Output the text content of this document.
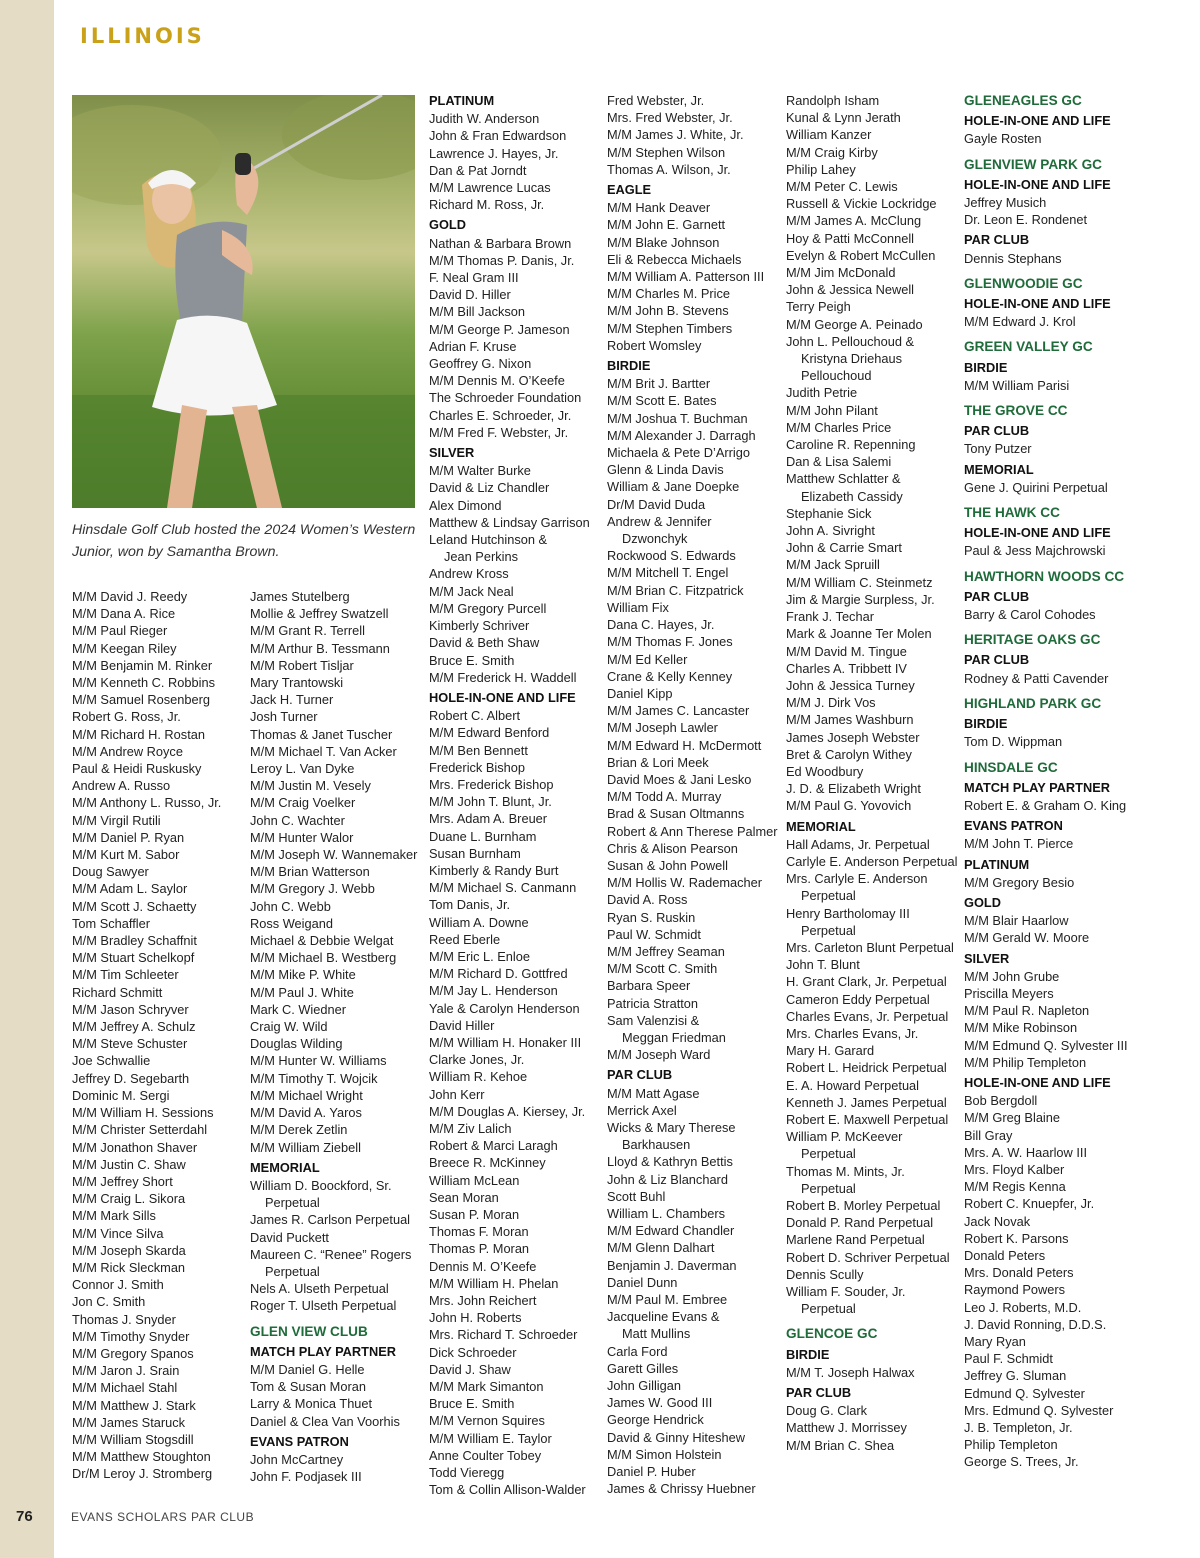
ILLINOIS
Hinsdale Golf Club hosted the 2024 Women’s Western Junior, won by Samantha Brown.
M/M David J. Reedy
M/M Dana A. Rice
M/M Paul Rieger
M/M Keegan Riley
M/M Benjamin M. Rinker
M/M Kenneth C. Robbins
M/M Samuel Rosenberg
Robert G. Ross, Jr.
M/M Richard H. Rostan
M/M Andrew Royce
Paul & Heidi Ruskusky
Andrew A. Russo
M/M Anthony L. Russo, Jr.
M/M Virgil Rutili
M/M Daniel P. Ryan
M/M Kurt M. Sabor
Doug Sawyer
M/M Adam L. Saylor
M/M Scott J. Schaetty
Tom Schaffler
M/M Bradley Schaffnit
M/M Stuart Schelkopf
M/M Tim Schleeter
Richard Schmitt
M/M Jason Schryver
M/M Jeffrey A. Schulz
M/M Steve Schuster
Joe Schwallie
Jeffrey D. Segebarth
Dominic M. Sergi
M/M William H. Sessions
M/M Christer Setterdahl
M/M Jonathon Shaver
M/M Justin C. Shaw
M/M Jeffrey Short
M/M Craig L. Sikora
M/M Mark Sills
M/M Vince Silva
M/M Joseph Skarda
M/M Rick Sleckman
Connor J. Smith
Jon C. Smith
Thomas J. Snyder
M/M Timothy Snyder
M/M Gregory Spanos
M/M Jaron J. Srain
M/M Michael Stahl
M/M Matthew J. Stark
M/M James Staruck
M/M William Stogsdill
M/M Matthew Stoughton
Dr/M Leroy J. Stromberg
James Stutelberg
Mollie & Jeffrey Swatzell
M/M Grant R. Terrell
M/M Arthur B. Tessmann
M/M Robert Tisljar
Mary Trantowski
Jack H. Turner
Josh Turner
Thomas & Janet Tuscher
M/M Michael T. Van Acker
Leroy L. Van Dyke
M/M Justin M. Vesely
M/M Craig Voelker
John C. Wachter
M/M Hunter Walor
M/M Joseph W. Wannemaker
M/M Brian Watterson
M/M Gregory J. Webb
John C. Webb
Ross Weigand
Michael & Debbie Welgat
M/M Michael B. Westberg
M/M Mike P. White
M/M Paul J. White
Mark C. Wiedner
Craig W. Wild
Douglas Wilding
M/M Hunter W. Williams
M/M Timothy T. Wojcik
M/M Michael Wright
M/M David A. Yaros
M/M Derek Zetlin
M/M William Ziebell
MEMORIAL
William D. Boockford, Sr.
Perpetual
James R. Carlson Perpetual
David Puckett
Maureen C. “Renee” Rogers
Perpetual
Nels A. Ulseth Perpetual
Roger T. Ulseth Perpetual
GLEN VIEW CLUB
MATCH PLAY PARTNER
M/M Daniel G. Helle
Tom & Susan Moran
Larry & Monica Thuet
Daniel & Clea Van Voorhis
EVANS PATRON
John McCartney
John F. Podjasek III
PLATINUM
Judith W. Anderson
John & Fran Edwardson
Lawrence J. Hayes, Jr.
Dan & Pat Jorndt
M/M Lawrence Lucas
Richard M. Ross, Jr.
GOLD
Nathan & Barbara Brown
M/M Thomas P. Danis, Jr.
F. Neal Gram III
David D. Hiller
M/M Bill Jackson
M/M George P. Jameson
Adrian F. Kruse
Geoffrey G. Nixon
M/M Dennis M. O’Keefe
The Schroeder Foundation
Charles E. Schroeder, Jr.
M/M Fred F. Webster, Jr.
SILVER
M/M Walter Burke
David & Liz Chandler
Alex Dimond
Matthew & Lindsay Garrison
Leland Hutchinson &
Jean Perkins
Andrew Kross
M/M Jack Neal
M/M Gregory Purcell
Kimberly Schriver
David & Beth Shaw
Bruce E. Smith
M/M Frederick H. Waddell
HOLE-IN-ONE AND LIFE
Robert C. Albert
M/M Edward Benford
M/M Ben Bennett
Frederick Bishop
Mrs. Frederick Bishop
M/M John T. Blunt, Jr.
Mrs. Adam A. Breuer
Duane L. Burnham
Susan Burnham
Kimberly & Randy Burt
M/M Michael S. Canmann
Tom Danis, Jr.
William A. Downe
Reed Eberle
M/M Eric L. Enloe
M/M Richard D. Gottfred
M/M Jay L. Henderson
Yale & Carolyn Henderson
David Hiller
M/M William H. Honaker III
Clarke Jones, Jr.
William R. Kehoe
John Kerr
M/M Douglas A. Kiersey, Jr.
M/M Ziv Lalich
Robert & Marci Laragh
Breece R. McKinney
William McLean
Sean Moran
Susan P. Moran
Thomas F. Moran
Thomas P. Moran
Dennis M. O’Keefe
M/M William H. Phelan
Mrs. John Reichert
John H. Roberts
Mrs. Richard T. Schroeder
Dick Schroeder
David J. Shaw
M/M Mark Simanton
Bruce E. Smith
M/M Vernon Squires
M/M William E. Taylor
Anne Coulter Tobey
Todd Vieregg
Tom & Collin Allison-Walder
Fred Webster, Jr.
Mrs. Fred Webster, Jr.
M/M James J. White, Jr.
M/M Stephen Wilson
Thomas A. Wilson, Jr.
EAGLE
M/M Hank Deaver
M/M John E. Garnett
M/M Blake Johnson
Eli & Rebecca Michaels
M/M William A. Patterson III
M/M Charles M. Price
M/M John B. Stevens
M/M Stephen Timbers
Robert Womsley
BIRDIE
M/M Brit J. Bartter
M/M Scott E. Bates
M/M Joshua T. Buchman
M/M Alexander J. Darragh
Michaela & Pete D’Arrigo
Glenn & Linda Davis
William & Jane Doepke
Dr/M David Duda
Andrew & Jennifer
Dzwonchyk
Rockwood S. Edwards
M/M Mitchell T. Engel
M/M Brian C. Fitzpatrick
William Fix
Dana C. Hayes, Jr.
M/M Thomas F. Jones
M/M Ed Keller
Crane & Kelly Kenney
Daniel Kipp
M/M James C. Lancaster
M/M Joseph Lawler
M/M Edward H. McDermott
Brian & Lori Meek
David Moes & Jani Lesko
M/M Todd A. Murray
Brad & Susan Oltmanns
Robert & Ann Therese Palmer
Chris & Alison Pearson
Susan & John Powell
M/M Hollis W. Rademacher
David A. Ross
Ryan S. Ruskin
Paul W. Schmidt
M/M Jeffrey Seaman
M/M Scott C. Smith
Barbara Speer
Patricia Stratton
Sam Valenzisi &
Meggan Friedman
M/M Joseph Ward
PAR CLUB
M/M Matt Agase
Merrick Axel
Wicks & Mary Therese
Barkhausen
Lloyd & Kathryn Bettis
John & Liz Blanchard
Scott Buhl
William L. Chambers
M/M Edward Chandler
M/M Glenn Dalhart
Benjamin J. Daverman
Daniel Dunn
M/M Paul M. Embree
Jacqueline Evans &
Matt Mullins
Carla Ford
Garett Gilles
John Gilligan
James W. Good III
George Hendrick
David & Ginny Hiteshew
M/M Simon Holstein
Daniel P. Huber
James & Chrissy Huebner
Randolph Isham
Kunal & Lynn Jerath
William Kanzer
M/M Craig Kirby
Philip Lahey
M/M Peter C. Lewis
Russell & Vickie Lockridge
M/M James A. McClung
Hoy & Patti McConnell
Evelyn & Robert McCullen
M/M Jim McDonald
John & Jessica Newell
Terry Peigh
M/M George A. Peinado
John L. Pellouchoud &
Kristyna Driehaus
Pellouchoud
Judith Petrie
M/M John Pilant
M/M Charles Price
Caroline R. Repenning
Dan & Lisa Salemi
Matthew Schlatter &
Elizabeth Cassidy
Stephanie Sick
John A. Sivright
John & Carrie Smart
M/M Jack Spruill
M/M William C. Steinmetz
Jim & Margie Surpless, Jr.
Frank J. Techar
Mark & Joanne Ter Molen
M/M David M. Tingue
Charles A. Tribbett IV
John & Jessica Turney
M/M J. Dirk Vos
M/M James Washburn
James Joseph Webster
Bret & Carolyn Withey
Ed Woodbury
J. D. & Elizabeth Wright
M/M Paul G. Yovovich
MEMORIAL
Hall Adams, Jr. Perpetual
Carlyle E. Anderson Perpetual
Mrs. Carlyle E. Anderson
Perpetual
Henry Bartholomay III
Perpetual
Mrs. Carleton Blunt Perpetual
John T. Blunt
H. Grant Clark, Jr. Perpetual
Cameron Eddy Perpetual
Charles Evans, Jr. Perpetual
Mrs. Charles Evans, Jr.
Mary H. Garard
Robert L. Heidrick Perpetual
E. A. Howard Perpetual
Kenneth J. James Perpetual
Robert E. Maxwell Perpetual
William P. McKeever
Perpetual
Thomas M. Mints, Jr.
Perpetual
Robert B. Morley Perpetual
Donald P. Rand Perpetual
Marlene Rand Perpetual
Robert D. Schriver Perpetual
Dennis Scully
William F. Souder, Jr.
Perpetual
GLENCOE GC
BIRDIE
M/M T. Joseph Halwax
PAR CLUB
Doug G. Clark
Matthew J. Morrissey
M/M Brian C. Shea
GLENEAGLES GC
HOLE-IN-ONE AND LIFE
Gayle Rosten
GLENVIEW PARK GC
HOLE-IN-ONE AND LIFE
Jeffrey Musich
Dr. Leon E. Rondenet
PAR CLUB
Dennis Stephans
GLENWOODIE GC
HOLE-IN-ONE AND LIFE
M/M Edward J. Krol
GREEN VALLEY GC
BIRDIE
M/M William Parisi
THE GROVE CC
PAR CLUB
Tony Putzer
MEMORIAL
Gene J. Quirini Perpetual
THE HAWK CC
HOLE-IN-ONE AND LIFE
Paul & Jess Majchrowski
HAWTHORN WOODS CC
PAR CLUB
Barry & Carol Cohodes
HERITAGE OAKS GC
PAR CLUB
Rodney & Patti Cavender
HIGHLAND PARK GC
BIRDIE
Tom D. Wippman
HINSDALE GC
MATCH PLAY PARTNER
Robert E. & Graham O. King
EVANS PATRON
M/M John T. Pierce
PLATINUM
M/M Gregory Besio
GOLD
M/M Blair Haarlow
M/M Gerald W. Moore
SILVER
M/M John Grube
Priscilla Meyers
M/M Paul R. Napleton
M/M Mike Robinson
M/M Edmund Q. Sylvester III
M/M Philip Templeton
HOLE-IN-ONE AND LIFE
Bob Bergdoll
M/M Greg Blaine
Bill Gray
Mrs. A. W. Haarlow III
Mrs. Floyd Kalber
M/M Regis Kenna
Robert C. Knuepfer, Jr.
Jack Novak
Robert K. Parsons
Donald Peters
Mrs. Donald Peters
Raymond Powers
Leo J. Roberts, M.D.
J. David Ronning, D.D.S.
Mary Ryan
Paul F. Schmidt
Jeffrey G. Sluman
Edmund Q. Sylvester
Mrs. Edmund Q. Sylvester
J. B. Templeton, Jr.
Philip Templeton
George S. Trees, Jr.
76	EVANS SCHOLARS PAR CLUB
